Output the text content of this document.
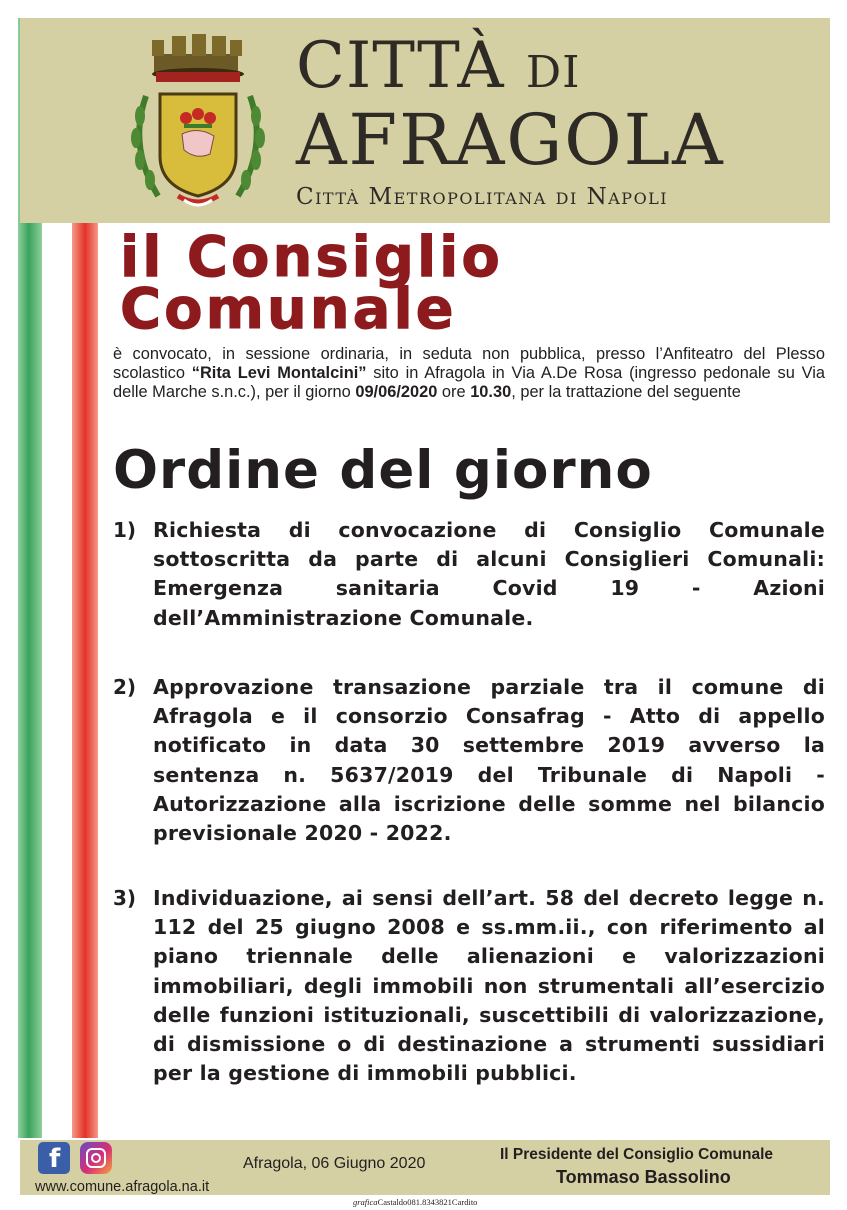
CITTÀ DI
AFRAGOLA
Città Metropolitana di Napoli
il Consiglio
Comunale
è convocato, in sessione ordinaria, in seduta non pubblica, presso l’Anfiteatro del Plesso scolastico “Rita Levi Montalcini” sito in Afragola in Via A.De Rosa (ingresso pedonale su Via delle Marche s.n.c.), per il giorno 09/06/2020 ore 10.30, per la trattazione del seguente
Ordine del giorno
1) Richiesta di convocazione di Consiglio Comunale sottoscritta da parte di alcuni Consiglieri Comunali: Emergenza sanitaria Covid 19 - Azioni dell’Amministrazione Comunale.
2) Approvazione transazione parziale tra il comune di Afragola e il consorzio Consafrag - Atto di appello notificato in data 30 settembre 2019 avverso la sentenza n. 5637/2019 del Tribunale di Napoli - Autorizzazione alla iscrizione delle somme nel bilancio previsionale 2020 - 2022.
3) Individuazione, ai sensi dell’art. 58 del decreto legge n. 112 del 25 giugno 2008 e ss.mm.ii., con riferimento al piano triennale delle alienazioni e valorizzazioni immobiliari, degli immobili non strumentali all’esercizio delle funzioni istituzionali, suscettibili di valorizzazione, di dismissione o di destinazione a strumenti sussidiari per la gestione di immobili pubblici.
f
www.comune.afragola.na.it
Afragola, 06 Giugno 2020
Il Presidente del Consiglio Comunale
Tommaso Bassolino
graficaCastaldo081.8343821Cardito
